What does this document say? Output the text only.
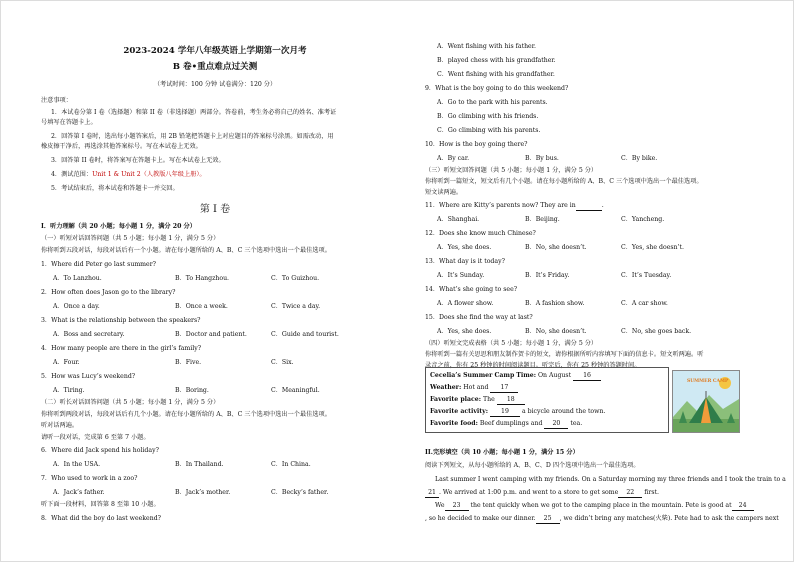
2023-2024 学年八年级英语上学期第一次月考
B 卷•重点难点过关测
（考试时间：100 分钟 试卷满分：120 分）
注意事项：
1．本试卷分第 I 卷（选择题）和第 II 卷（非选择题）两部分。答卷前，考生务必将自己的姓名、准考证
号填写在答题卡上。
2．回答第 I 卷时，选出每小题答案后，用 2B 铅笔把答题卡上对应题目的答案标号涂黑。如需改动，用
橡皮擦干净后，再选涂其他答案标号。写在本试卷上无效。
3．回答第 II 卷时，将答案写在答题卡上。写在本试卷上无效。
4．测试范围：Unit 1 & Unit 2（人教版八年级上册）。
5．考试结束后，将本试卷和答题卡一并交回。
第 I 卷
I．听力理解（共 20 小题；每小题 1 分，满分 20 分）
（一）听短对话回答问题（共 5 小题；每小题 1 分，满分 5 分）
你将听到五段对话，每段对话后有一个小题。请在每小题所给的 A、B、C 三个选项中选出一个最佳选项。
1．Where did Peter go last summer?
A．To Lanzhou.	B．To Hangzhou.	C．To Guizhou.
2．How often does Jason go to the library?
A．Once a day.	B．Once a week.	C．Twice a day.
3．What is the relationship between the speakers?
A．Boss and secretary.	B．Doctor and patient.	C．Guide and tourist.
4．How many people are there in the girl’s family?
A．Four.	B．Five.	C．Six.
5．How was Lucy’s weekend?
A．Tiring.	B．Boring.	C．Meaningful.
（二）听长对话回答问题（共 5 小题；每小题 1 分，满分 5 分）
你将听到两段对话，每段对话后有几个小题。请在每小题所给的 A、B、C 三个选项中选出一个最佳选项。
听对话两遍。
请听一段对话，完成第 6 至第 7 小题。
6．Where did Jack spend his holiday?
A．In the USA.	B．In Thailand.	C．In China.
7．Who used to work in a zoo?
A．Jack’s father.	B．Jack’s mother.	C．Becky’s father.
听下面一段材料，回答第 8 至第 10 小题。
8．What did the boy do last weekend?
A．Went fishing with his father.
B．played chess with his grandfather.
C．Went fishing with his grandfather.
9．What is the boy going to do this weekend?
A．Go to the park with his parents.
B．Go climbing with his friends.
C．Go climbing with his parents.
10．How is the boy going there?
A．By car.	B．By bus.	C．By bike.
（三）听短文回答问题（共 5 小题；每小题 1 分，满分 5 分）
你将听到一篇短文，短文后有几个小题。请在每小题所给的 A、B、C 三个选项中选出一个最佳选项。
短文读两遍。
11．Where are Kitty’s parents now? They are in	.
A．Shanghai.	B．Beijing.	C．Yancheng.
12．Does she know much Chinese?
A．Yes, she does.	B．No, she doesn’t.	C．Yes, she doesn’t.
13．What day is it today?
A．It’s Sunday.	B．It’s Friday.	C．It’s Tuesday.
14．What’s she going to see?
A．A flower show.	B．A fashion show.	C．A car show.
15．Does she find the way at last?
A．Yes, she does.	B．No, she doesn’t.	C．No, she goes back.
（四）听短文完成表格（共 5 小题；每小题 1 分，满分 5 分）
你将听到一篇有关思思和朋友制作贺卡的短文，请你根据所听内容填写下面的信息卡。短文听两遍。听
录音之前，你有 25 秒钟的时间阅读题目。听完后，你有 25 秒钟的答题时间。
II.完形填空（共 10 小题；每小题 1 分，满分 15 分）
阅读下列短文，从每小题所给的 A、B、C、D 四个选项中选出一个最佳选项。
Last summer I went camping with my friends. On a Saturday morning my three friends and I took the train to a
21 . We arrived at 1:00 p.m. and went to a store to get some 22 first.
We 23 the tent quickly when we got to the camping place in the mountain. Pete is good at 24
, so he decided to make our dinner. 25 , we didn’t bring any matches(火柴). Pete had to ask the campers next
Cecelia’s Summer Camp Time: On August 16
Weather: Hot and 17
Favorite place: The 18
Favorite activity: 19 a bicycle around the town.
Favorite food: Beef dumplings and 20 tea.
SUMMER CAMP
